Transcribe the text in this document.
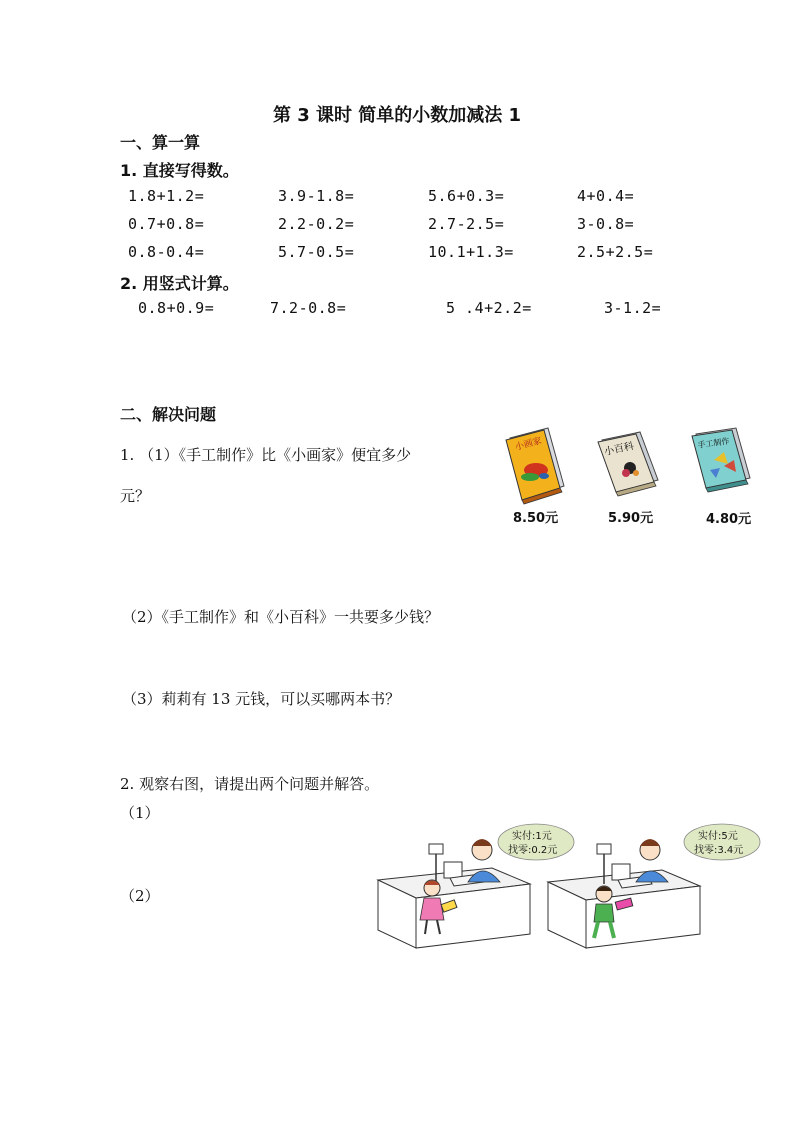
第 3 课时 简单的小数加减法 1
一、算一算
1. 直接写得数。
1.8+1.2=	3.9-1.8=	5.6+0.3=	4+0.4=
0.7+0.8=	2.2-0.2=	2.7-2.5=	3-0.8=
0.8-0.4=	5.7-0.5=	10.1+1.3=	2.5+2.5=
2. 用竖式计算。
0.8+0.9=	7.2-0.8=	5 .4+2.2=	3-1.2=
二、解决问题
1. （1）《手工制作》比《小画家》便宜多少
元？
小画家	小百科	手工制作
8.50元	5.90元	4.80元
（2）《手工制作》和《小百科》一共要多少钱？
（3）莉莉有 13 元钱，可以买哪两本书？
2. 观察右图，请提出两个问题并解答。
（1）
（2）
实付:1元
找零:0.2元
实付:5元
找零:3.4元
